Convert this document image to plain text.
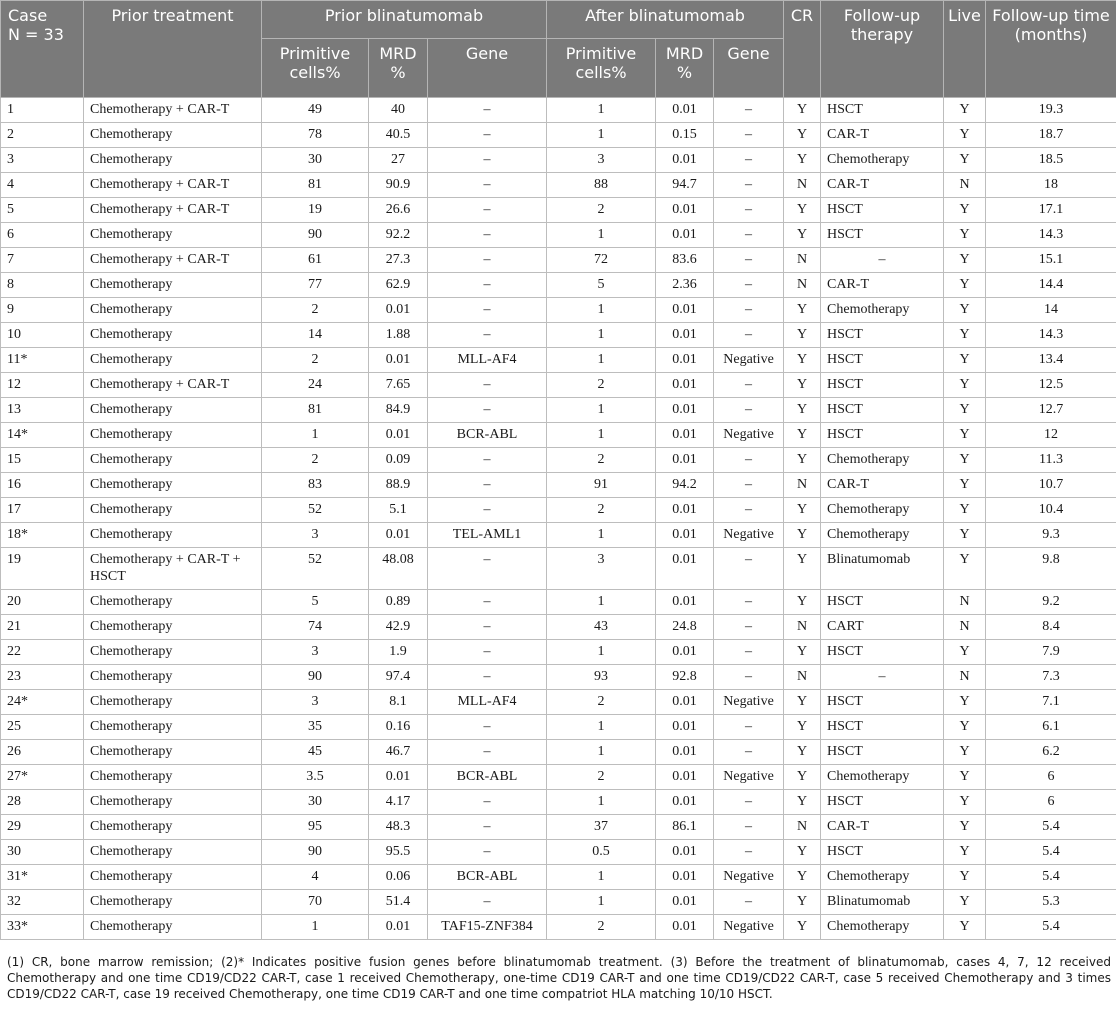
Case
N = 33	Prior treatment	Prior blinatumomab			After blinatumomab			CR	Follow-up therapy	Live	Follow-up time (months)
		Primitive cells%	MRD %	Gene	Primitive cells%	MRD %	Gene				
1	Chemotherapy + CAR-T	49	40	–	1	0.01	–	Y	HSCT	Y	19.3
2	Chemotherapy	78	40.5	–	1	0.15	–	Y	CAR-T	Y	18.7
3	Chemotherapy	30	27	–	3	0.01	–	Y	Chemotherapy	Y	18.5
4	Chemotherapy + CAR-T	81	90.9	–	88	94.7	–	N	CAR-T	N	18
5	Chemotherapy + CAR-T	19	26.6	–	2	0.01	–	Y	HSCT	Y	17.1
6	Chemotherapy	90	92.2	–	1	0.01	–	Y	HSCT	Y	14.3
7	Chemotherapy + CAR-T	61	27.3	–	72	83.6	–	N	–	Y	15.1
8	Chemotherapy	77	62.9	–	5	2.36	–	N	CAR-T	Y	14.4
9	Chemotherapy	2	0.01	–	1	0.01	–	Y	Chemotherapy	Y	14
10	Chemotherapy	14	1.88	–	1	0.01	–	Y	HSCT	Y	14.3
11*	Chemotherapy	2	0.01	MLL-AF4	1	0.01	Negative	Y	HSCT	Y	13.4
12	Chemotherapy + CAR-T	24	7.65	–	2	0.01	–	Y	HSCT	Y	12.5
13	Chemotherapy	81	84.9	–	1	0.01	–	Y	HSCT	Y	12.7
14*	Chemotherapy	1	0.01	BCR-ABL	1	0.01	Negative	Y	HSCT	Y	12
15	Chemotherapy	2	0.09	–	2	0.01	–	Y	Chemotherapy	Y	11.3
16	Chemotherapy	83	88.9	–	91	94.2	–	N	CAR-T	Y	10.7
17	Chemotherapy	52	5.1	–	2	0.01	–	Y	Chemotherapy	Y	10.4
18*	Chemotherapy	3	0.01	TEL-AML1	1	0.01	Negative	Y	Chemotherapy	Y	9.3
19	Chemotherapy + CAR-T + HSCT	52	48.08	–	3	0.01	–	Y	Blinatumomab	Y	9.8
20	Chemotherapy	5	0.89	–	1	0.01	–	Y	HSCT	N	9.2
21	Chemotherapy	74	42.9	–	43	24.8	–	N	CART	N	8.4
22	Chemotherapy	3	1.9	–	1	0.01	–	Y	HSCT	Y	7.9
23	Chemotherapy	90	97.4	–	93	92.8	–	N	–	N	7.3
24*	Chemotherapy	3	8.1	MLL-AF4	2	0.01	Negative	Y	HSCT	Y	7.1
25	Chemotherapy	35	0.16	–	1	0.01	–	Y	HSCT	Y	6.1
26	Chemotherapy	45	46.7	–	1	0.01	–	Y	HSCT	Y	6.2
27*	Chemotherapy	3.5	0.01	BCR-ABL	2	0.01	Negative	Y	Chemotherapy	Y	6
28	Chemotherapy	30	4.17	–	1	0.01	–	Y	HSCT	Y	6
29	Chemotherapy	95	48.3	–	37	86.1	–	N	CAR-T	Y	5.4
30	Chemotherapy	90	95.5	–	0.5	0.01	–	Y	HSCT	Y	5.4
31*	Chemotherapy	4	0.06	BCR-ABL	1	0.01	Negative	Y	Chemotherapy	Y	5.4
32	Chemotherapy	70	51.4	–	1	0.01	–	Y	Blinatumomab	Y	5.3
33*	Chemotherapy	1	0.01	TAF15-ZNF384	2	0.01	Negative	Y	Chemotherapy	Y	5.4
(1) CR, bone marrow remission; (2)* Indicates positive fusion genes before blinatumomab treatment. (3) Before the treatment of blinatumomab, cases 4, 7, 12 received Chemotherapy and one time CD19/CD22 CAR-T, case 1 received Chemotherapy, one-time CD19 CAR-T and one time CD19/CD22 CAR-T, case 5 received Chemotherapy and 3 times CD19/CD22 CAR-T, case 19 received Chemotherapy, one time CD19 CAR-T and one time compatriot HLA matching 10/10 HSCT.
